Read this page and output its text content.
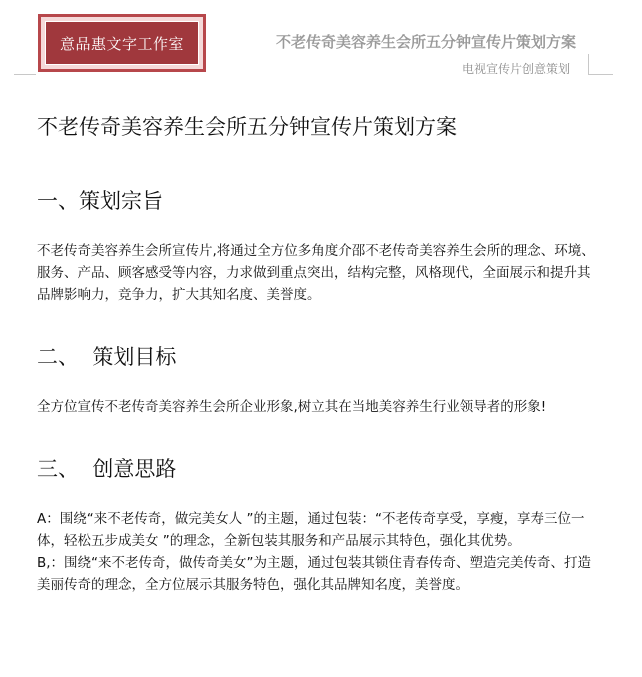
意品惠文字工作室	不老传奇美容养生会所五分钟宣传片策划方案
电视宣传片创意策划
不老传奇美容养生会所五分钟宣传片策划方案
一、策划宗旨

不老传奇美容养生会所宣传片,将通过全方位多角度介邵不老传奇美容养生会所的理念、环境、服务、产品、顾客感受等内容，力求做到重点突出，结构完整，风格现代，全面展示和提升其品牌影响力，竞争力，扩大其知名度、美誉度。

二、  策划目标

全方位宣传不老传奇美容养生会所企业形象,树立其在当地美容养生行业领导者的形象!

三、  创意思路

A：围绕“来不老传奇，做完美女人 ”的主题，通过包装：“不老传奇享受，享瘦，享寿三位一体，轻松五步成美女 ”的理念，全新包装其服务和产品展示其特色，强化其优势。

B,：围绕“来不老传奇，做传奇美女”为主题，通过包装其锁住青春传奇、塑造完美传奇、打造美丽传奇的理念，全方位展示其服务特色，强化其品牌知名度，美誉度。
